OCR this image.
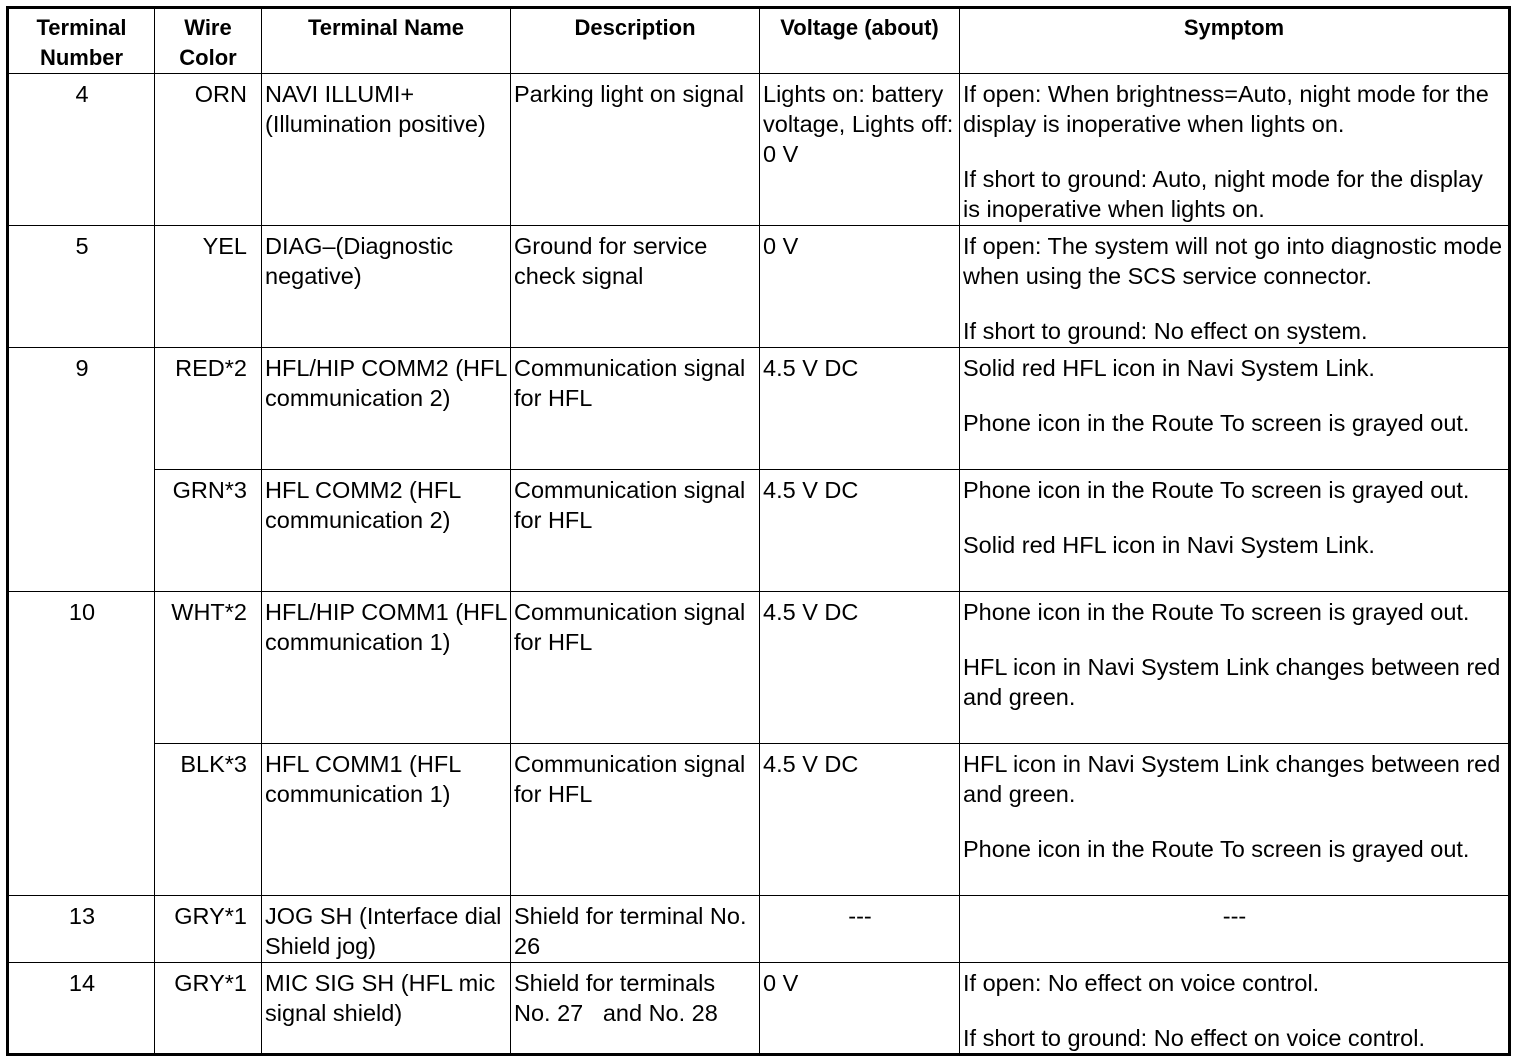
Terminal Number	Wire Color	Terminal Name	Description	Voltage (about)	Symptom
4	ORN	NAVI ILLUMI+ (Illumination positive)	Parking light on signal	Lights on: battery voltage, Lights off: 0 V	If open: When brightness=Auto, night mode for the display is inoperative when lights on.

If short to ground: Auto, night mode for the display is inoperative when lights on.

5	YEL	DIAG–(Diagnostic negative)	Ground for service check signal	0 V	If open: The system will not go into diagnostic mode when using the SCS service connector.

If short to ground: No effect on system.

9	RED*2	HFL/HIP COMM2 (HFL communication 2)	Communication signal for HFL	4.5 V DC	Solid red HFL icon in Navi System Link.

Phone icon in the Route To screen is grayed out.

	GRN*3	HFL COMM2 (HFL communication 2)	Communication signal for HFL	4.5 V DC	Phone icon in the Route To screen is grayed out.

Solid red HFL icon in Navi System Link.

10	WHT*2	HFL/HIP COMM1 (HFL communication 1)	Communication signal for HFL	4.5 V DC	Phone icon in the Route To screen is grayed out.

HFL icon in Navi System Link changes between red and green.

	BLK*3	HFL COMM1 (HFL communication 1)	Communication signal for HFL	4.5 V DC	HFL icon in Navi System Link changes between red and green.

Phone icon in the Route To screen is grayed out.

13	GRY*1	JOG SH (Interface dial Shield jog)	Shield for terminal No. 26	---	---

14	GRY*1	MIC SIG SH (HFL mic   signal shield)	Shield for terminals No. 27   and No. 28	0 V	If open: No effect on voice control.

If short to ground: No effect on voice control.
